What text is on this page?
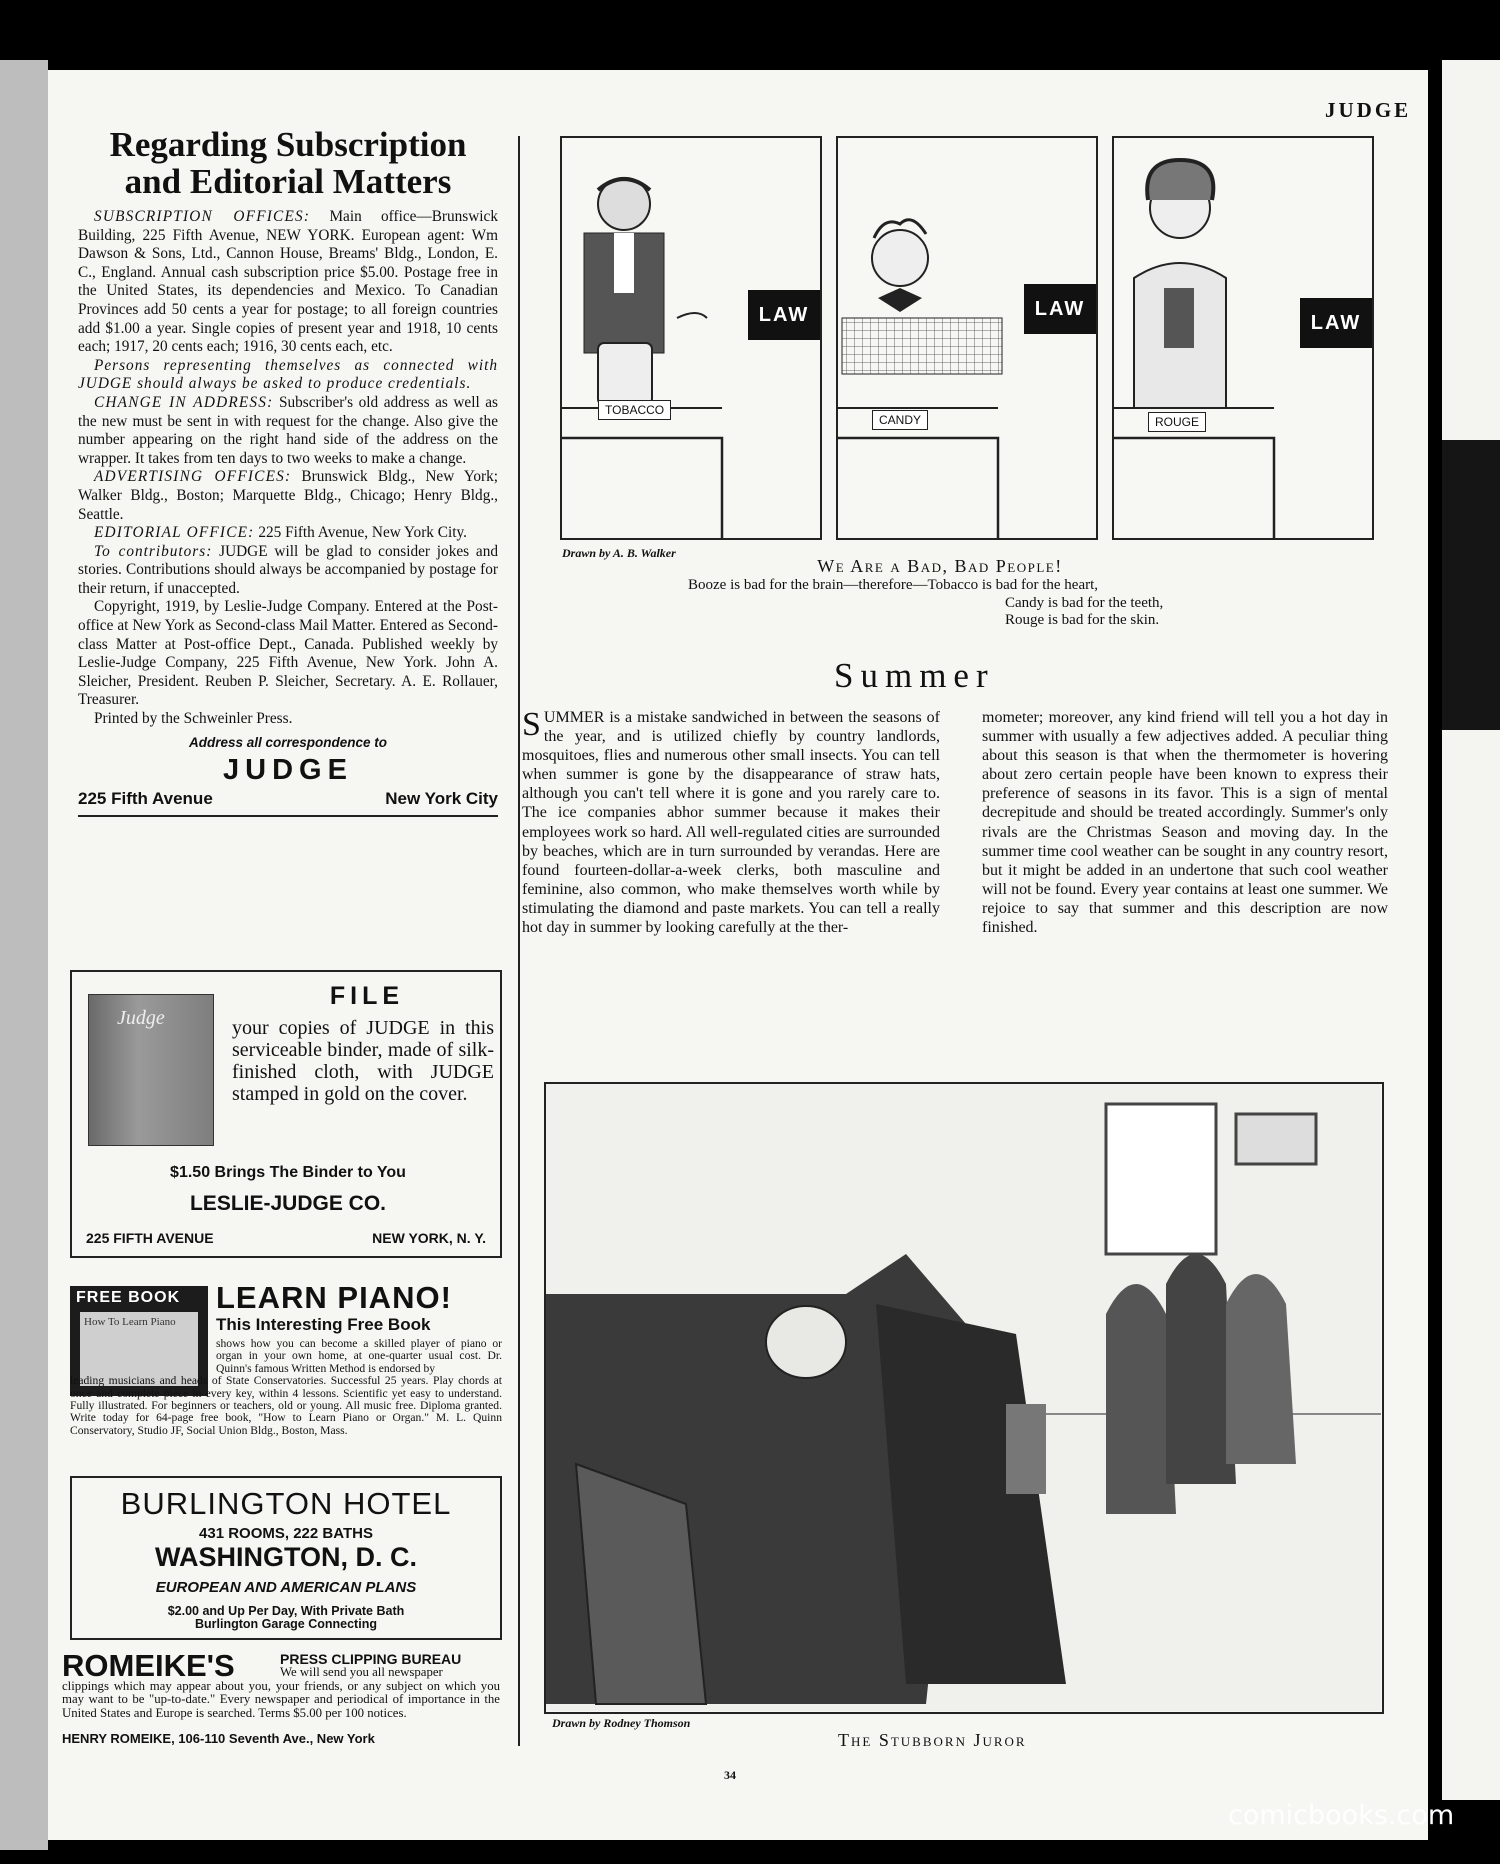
JUDGE
Regarding Subscription
and Editorial Matters

SUBSCRIPTION OFFICES: Main office—Brunswick Building, 225 Fifth Avenue, NEW YORK. European agent: Wm Dawson & Sons, Ltd., Cannon House, Breams' Bldg., London, E. C., England. Annual cash subscription price $5.00. Postage free in the United States, its dependencies and Mexico. To Canadian Provinces add 50 cents a year for postage; to all foreign countries add $1.00 a year. Single copies of present year and 1918, 10 cents each; 1917, 20 cents each; 1916, 30 cents each, etc.

Persons representing themselves as connected with JUDGE should always be asked to produce credentials.

CHANGE IN ADDRESS: Subscriber's old address as well as the new must be sent in with request for the change. Also give the number appearing on the right hand side of the address on the wrapper. It takes from ten days to two weeks to make a change.

ADVERTISING OFFICES: Brunswick Bldg., New York; Walker Bldg., Boston; Marquette Bldg., Chicago; Henry Bldg., Seattle.

EDITORIAL OFFICE: 225 Fifth Avenue, New York City.

To contributors: JUDGE will be glad to consider jokes and stories. Contributions should always be accompanied by postage for their return, if unaccepted.

Copyright, 1919, by Leslie-Judge Company. Entered at the Post-office at New York as Second-class Mail Matter. Entered as Second-class Matter at Post-office Dept., Canada. Published weekly by Leslie-Judge Company, 225 Fifth Avenue, New York. John A. Sleicher, President. Reuben P. Sleicher, Secretary. A. E. Rollauer, Treasurer.

Printed by the Schweinler Press.

Address all correspondence to
JUDGE
225 Fifth Avenue	New York City
Judge
FILE
your copies of JUDGE in this serviceable binder, made of silk-finished cloth, with JUDGE stamped in gold on the cover.
$1.50 Brings The Binder to You
LESLIE-JUDGE CO.
225 FIFTH AVENUE	NEW YORK, N. Y.
FREE BOOK
How To Learn Piano
LEARN PIANO!
This Interesting Free Book
shows how you can become a skilled player of piano or organ in your own home, at one-quarter usual cost. Dr. Quinn's famous Written Method is endorsed by
leading musicians and heads of State Conservatories. Successful 25 years. Play chords at once and complete piece in every key, within 4 lessons. Scientific yet easy to understand. Fully illustrated. For beginners or teachers, old or young. All music free. Diploma granted. Write today for 64-page free book, "How to Learn Piano or Organ." M. L. Quinn Conservatory, Studio JF, Social Union Bldg., Boston, Mass.
BURLINGTON HOTEL
431 ROOMS, 222 BATHS
WASHINGTON, D. C.
EUROPEAN AND AMERICAN PLANS
$2.00 and Up Per Day, With Private Bath
Burlington Garage Connecting
ROMEIKE'S	PRESS CLIPPING BUREAU
We will send you all newspaper
clippings which may appear about you, your friends, or any subject on which you may want to be "up-to-date." Every newspaper and periodical of importance in the United States and Europe is searched. Terms $5.00 per 100 notices.
HENRY ROMEIKE, 106-110 Seventh Ave., New York
LAW
TOBACCO
LAW
CANDY
LAW
ROUGE
Drawn by A. B. Walker
We Are a Bad, Bad People!
Booze is bad for the brain—therefore—Tobacco is bad for the heart,
Candy is bad for the teeth,
Rouge is bad for the skin.
Summer
SUMMER is a mistake sandwiched in between the seasons of the year, and is utilized chiefly by country landlords, mosquitoes, flies and numerous other small insects. You can tell when summer is gone by the disappearance of straw hats, although you can't tell where it is gone and you rarely care to. The ice companies abhor summer because it makes their employees work so hard. All well-regulated cities are surrounded by beaches, which are in turn surrounded by verandas. Here are found fourteen-dollar-a-week clerks, both masculine and feminine, also common, who make themselves worth while by stimulating the diamond and paste markets. You can tell a really hot day in summer by looking carefully at the ther-
mometer; moreover, any kind friend will tell you a hot day in summer with usually a few adjectives added. A peculiar thing about this season is that when the thermometer is hovering about zero certain people have been known to express their preference of seasons in its favor. This is a sign of mental decrepitude and should be treated accordingly. Summer's only rivals are the Christmas Season and moving day. In the summer time cool weather can be sought in any country resort, but it might be added in an undertone that such cool weather will not be found. Every year contains at least one summer. We rejoice to say that summer and this description are now finished.
Drawn by Rodney Thomson
The Stubborn Juror
34
comicbooks.com
